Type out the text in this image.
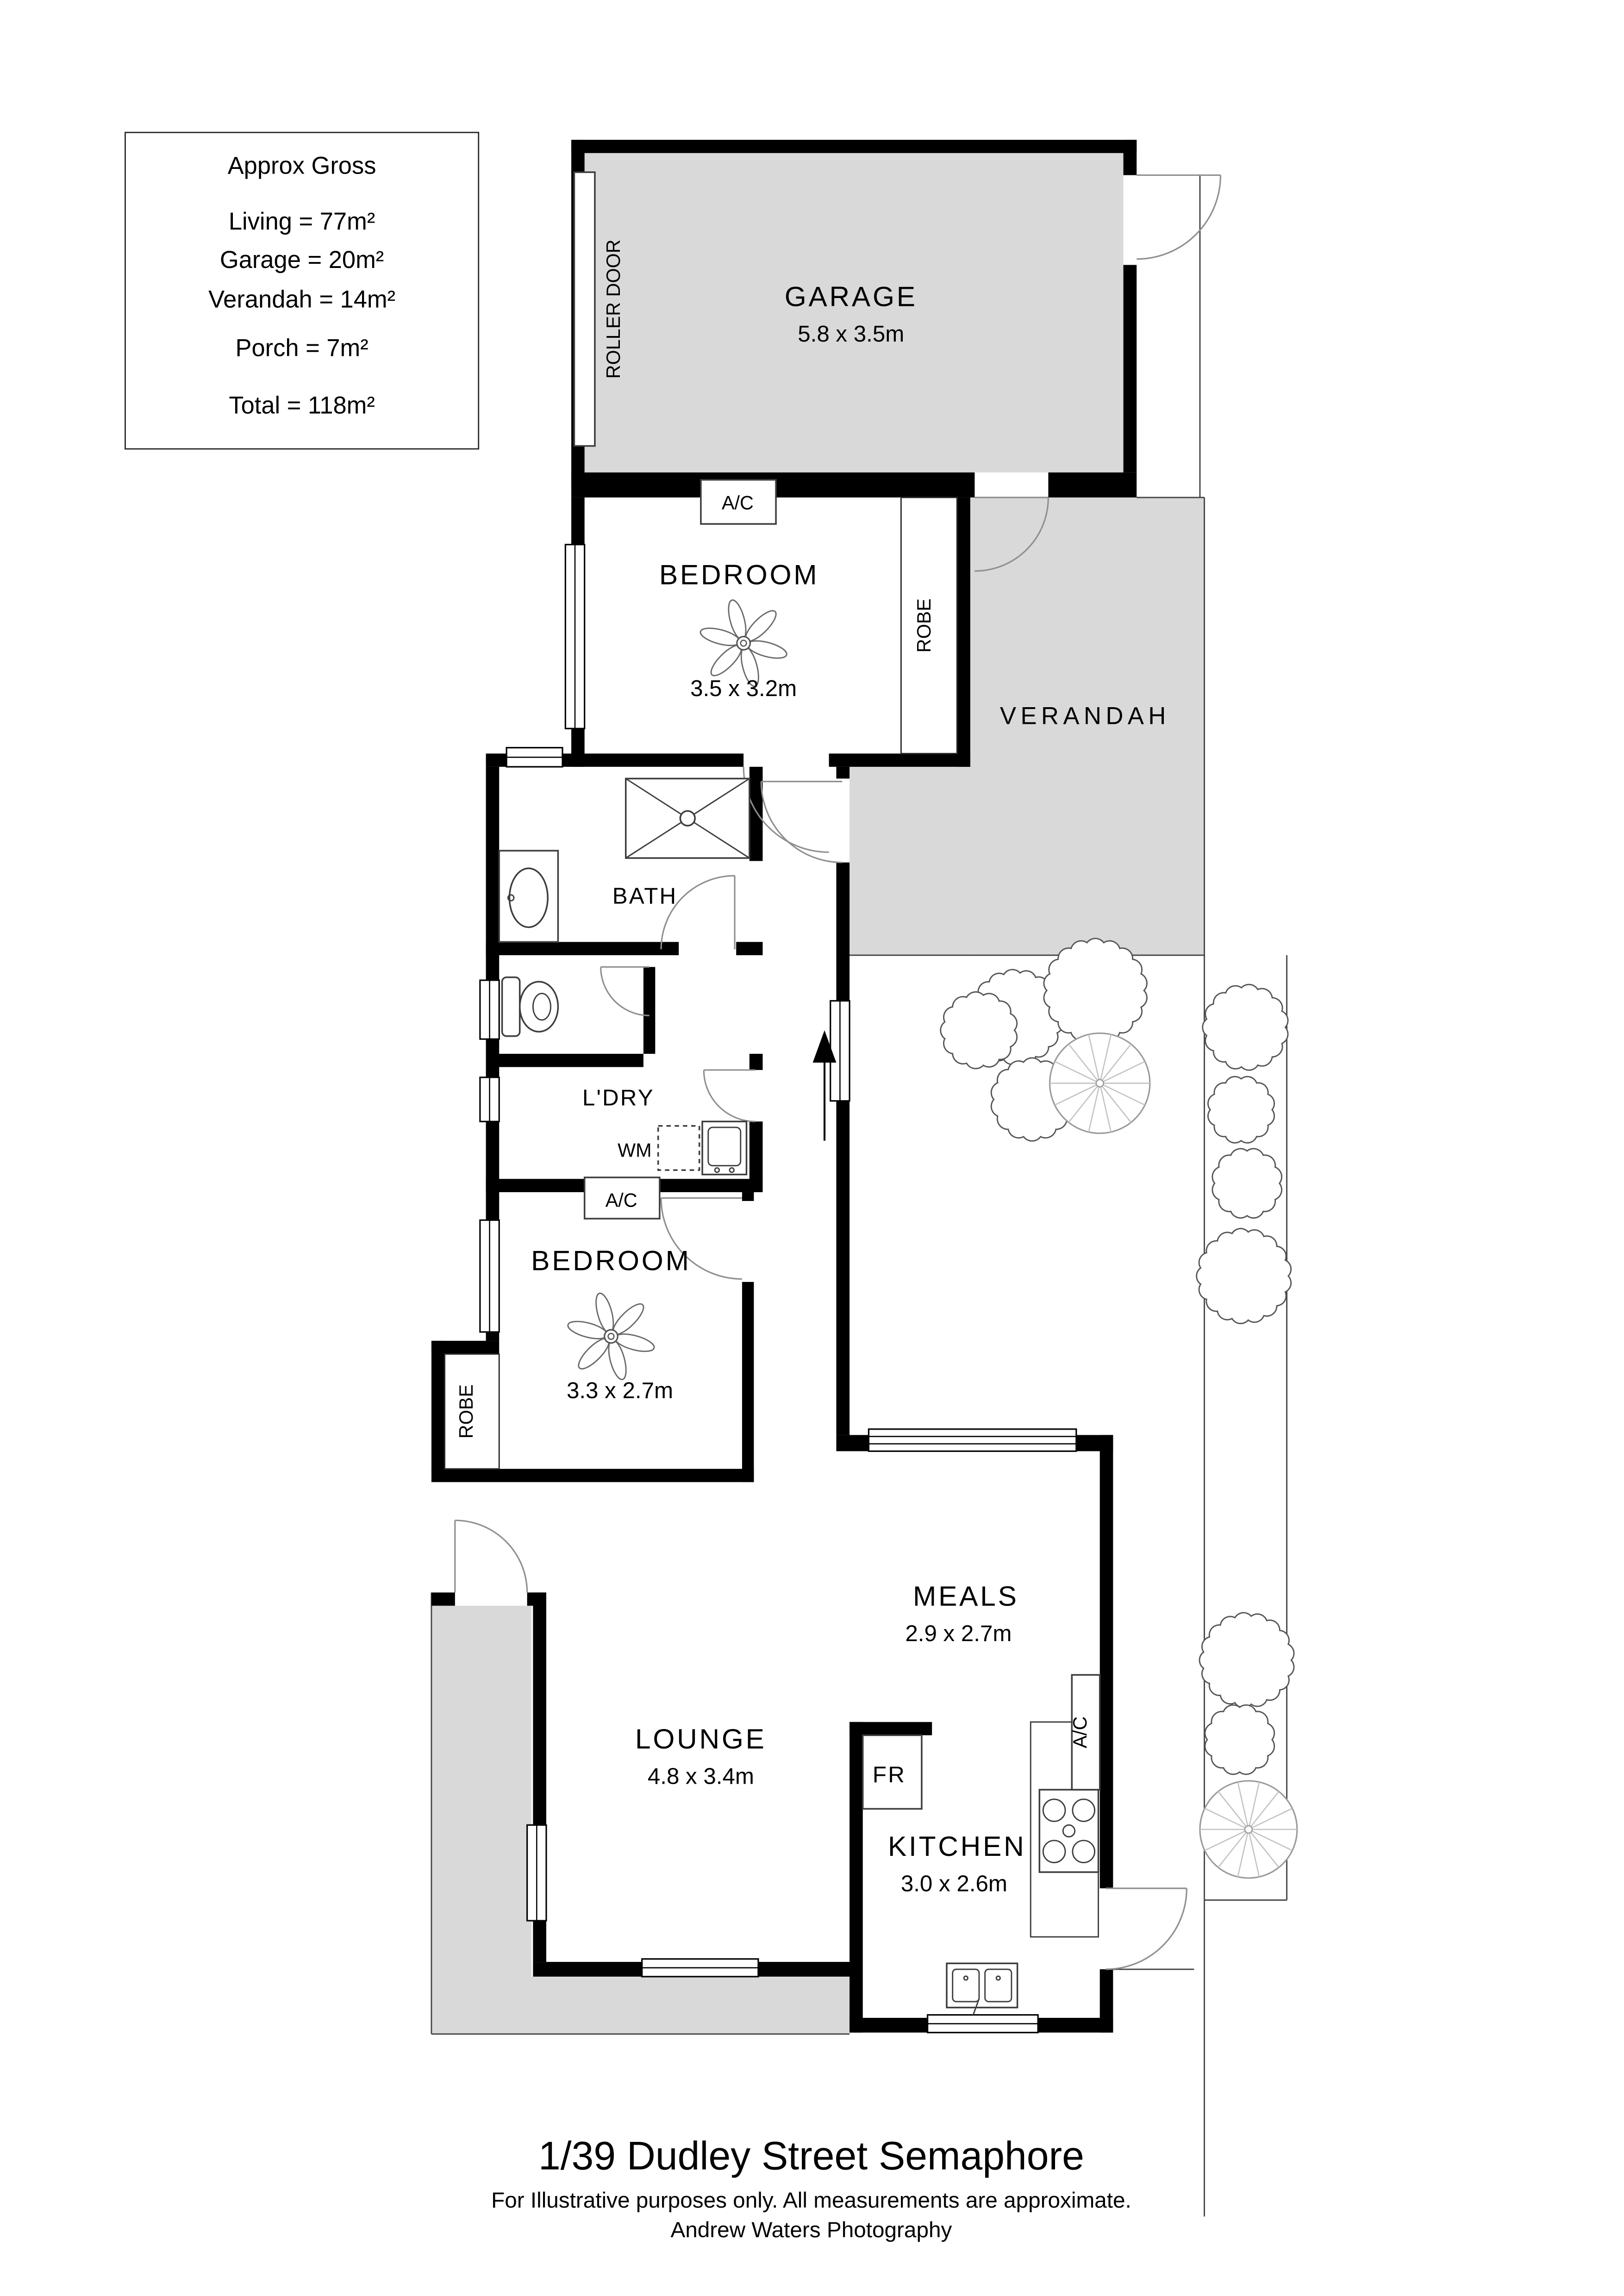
Approx Gross
Living = 77m²
Garage = 20m²
Verandah = 14m²
Porch = 7m²
Total = 118m²
GARAGE
5.8 x 3.5m
ROLLER DOOR
A/C
BEDROOM
3.5 x 3.2m
ROBE
VERANDAH
BATH
L'DRY
WM
A/C
BEDROOM
3.3 x 2.7m
ROBE
MEALS
2.9 x 2.7m
A/C
LOUNGE
4.8 x 3.4m	FR
KITCHEN
3.0 x 2.6m
1/39 Dudley Street Semaphore
For Illustrative purposes only. All measurements are approximate.
Andrew Waters Photography
